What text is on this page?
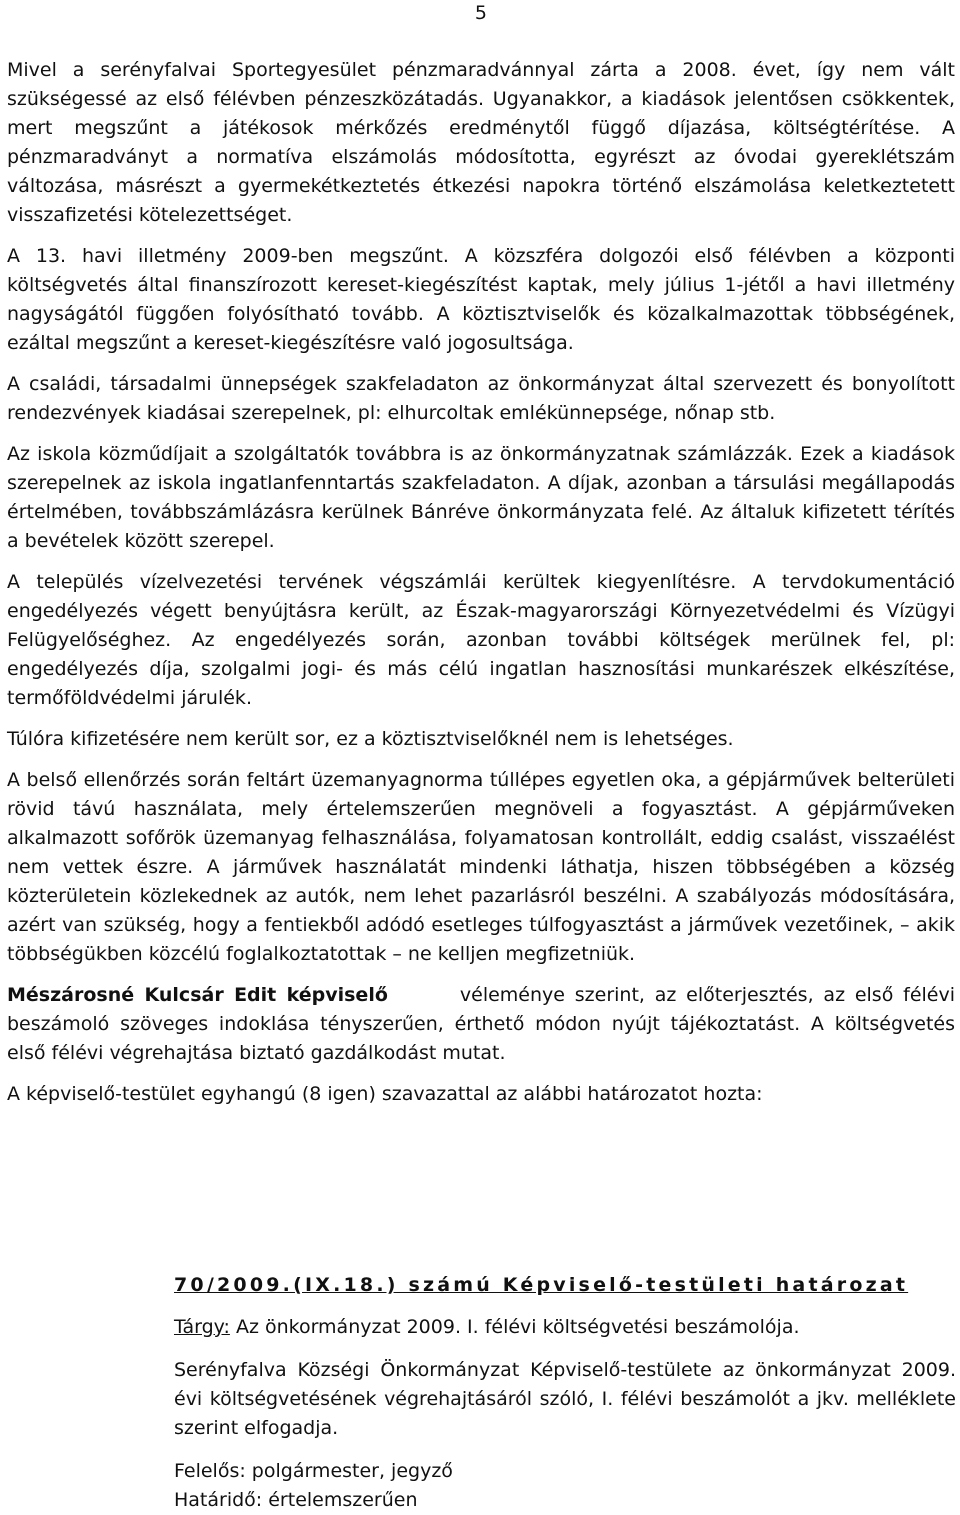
5

Mivel a serényfalvai Sportegyesület pénzmaradvánnyal zárta a 2008. évet, így nem vált szükségessé az első félévben pénzeszközátadás. Ugyanakkor, a kiadások jelentősen csökkentek, mert megszűnt a játékosok mérkőzés eredménytől függő díjazása, költségtérítése. A pénzmaradványt a normatíva elszámolás módosította, egyrészt az óvodai gyereklétszám változása, másrészt a gyermekétkeztetés étkezési napokra történő elszámolása keletkeztetett visszafizetési kötelezettséget.

A 13. havi illetmény 2009-ben megszűnt. A közszféra dolgozói első félévben a központi költségvetés által finanszírozott kereset-kiegészítést kaptak, mely július 1-jétől a havi illetmény nagyságától függően folyósítható tovább. A köztisztviselők és közalkalmazottak többségének, ezáltal megszűnt a kereset-kiegészítésre való jogosultsága.

A családi, társadalmi ünnepségek szakfeladaton az önkormányzat által szervezett és bonyolított rendezvények kiadásai szerepelnek, pl: elhurcoltak emlékünnepsége, nőnap stb.

Az iskola közműdíjait a szolgáltatók továbbra is az önkormányzatnak számlázzák. Ezek a kiadások szerepelnek az iskola ingatlanfenntartás szakfeladaton. A díjak, azonban a társulási megállapodás értelmében, továbbszámlázásra kerülnek Bánréve önkormányzata felé. Az általuk kifizetett térítés a bevételek között szerepel.

A település vízelvezetési tervének végszámlái kerültek kiegyenlítésre. A tervdokumentáció engedélyezés végett benyújtásra került, az Észak-magyarországi Környezetvédelmi és Vízügyi Felügyelőséghez. Az engedélyezés során, azonban további költségek merülnek fel, pl: engedélyezés díja, szolgalmi jogi- és más célú ingatlan hasznosítási munkarészek elkészítése, termőföldvédelmi járulék.

Túlóra kifizetésére nem került sor, ez a köztisztviselőknél nem is lehetséges.

A belső ellenőrzés során feltárt üzemanyagnorma túllépes egyetlen oka, a gépjárművek belterületi rövid távú használata, mely értelemszerűen megnöveli a fogyasztást. A gépjárműveken alkalmazott sofőrök üzemanyag felhasználása, folyamatosan kontrollált, eddig csalást, visszaélést nem vettek észre. A járművek használatát mindenki láthatja, hiszen többségében a község közterületein közlekednek az autók, nem lehet pazarlásról beszélni. A szabályozás módosítására, azért van szükség, hogy a fentiekből adódó esetleges túlfogyasztást a járművek vezetőinek, – akik többségükben közcélú foglalkoztatottak – ne kelljen megfizetniük.

Mészárosné Kulcsár Edit képviselő	véleménye szerint, az előterjesztés, az első félévi beszámoló szöveges indoklása tényszerűen, érthető módon nyújt tájékoztatást. A költségvetés első félévi végrehajtása biztató gazdálkodást mutat.

A képviselő-testület egyhangú (8 igen) szavazattal az alábbi határozatot hozta:

70/2009.(IX.18.) számú Képviselő-testületi határozat
Tárgy: Az önkormányzat 2009. I. félévi költségvetési beszámolója.
Serényfalva Községi Önkormányzat Képviselő-testülete az önkormányzat 2009. évi költségvetésének végrehajtásáról szóló, I. félévi beszámolót a jkv. melléklete szerint elfogadja.
Felelős: polgármester, jegyző
Határidő: értelemszerűen
